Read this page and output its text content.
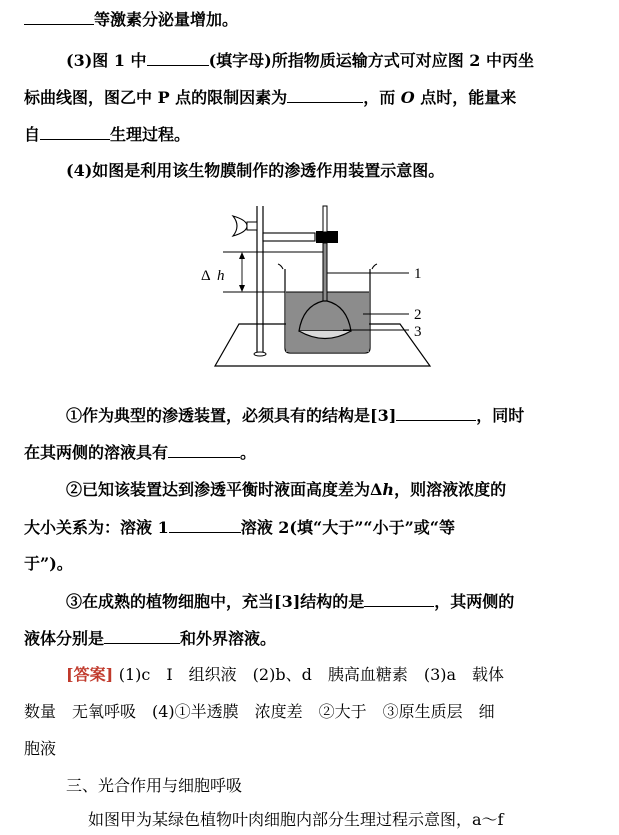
等激素分泌量增加。
(3)图 1 中	(填字母)所指物质运输方式可对应图 2 中丙坐
标曲线图，图乙中 P 点的限制因素为	，而 O 点时，能量来
自	生理过程。
(4)如图是利用该生物膜制作的渗透作用装置示意图。
Δ h	1
2
3
①作为典型的渗透装置，必须具有的结构是[3]	，同时
在其两侧的溶液具有	。
②已知该装置达到渗透平衡时液面高度差为Δh，则溶液浓度的
大小关系为：溶液 1	溶液 2(填“大于”“小于”或“等
于”)。
③在成熟的植物细胞中，充当[3]结构的是	，其两侧的
液体分别是	和外界溶液。
[答案] (1)c　Ⅰ　组织液　(2)b、d　胰高血糖素　(3)a　载体
数量　无氧呼吸　(4)①半透膜　浓度差　②大于　③原生质层　细
胞液
三、光合作用与细胞呼吸
如图甲为某绿色植物叶肉细胞内部分生理过程示意图，a～f
